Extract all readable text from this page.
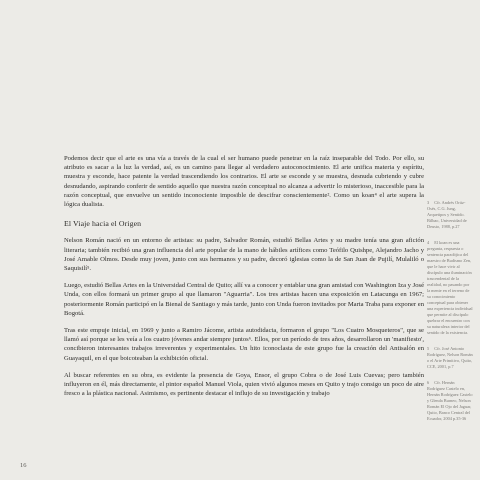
Podemos decir que el arte es una vía a través de la cual el ser humano puede penetrar en la raíz inseparable del Todo. Por ello, su atributo es sacar a la luz la verdad, así, es un camino para llegar al verdadero autoconocimiento. El arte unifica materia y espíritu, muestra y esconde, hace patente la verdad trascendiendo los contrarios. El arte se esconde y se muestra, desnuda cubriendo y cubre desnudando, aspirando conferir de sentido aquello que nuestra razón conceptual no alcanza a advertir lo misterioso, inaccesible para la razón conceptual, que envuelve un sentido inconociente imposible de descifrar conscientemente². Como un koan⁴ el arte supera la lógica dualista.

El Viaje hacia el Origen

Nelson Román nació en un entorno de artistas: su padre, Salvador Román, estudió Bellas Artes y su madre tenía una gran afición literaria; también recibió una gran influencia del arte popular de la mano de hábiles artífices como Teófilo Quishpe, Alejandro Jacho y José Amable Olmos. Desde muy joven, junto con sus hermanos y su padre, decoró iglesias como la de San Juan de Pujilí, Mulaliló o Saquisilí⁵.

Luego, estudió Bellas Artes en la Universidad Central de Quito; allí va a conocer y entablar una gran amistad con Washington Iza y José Unda, con ellos formará un primer grupo al que llamaron "Aguarria". Los tres artistas hacen una exposición en Latacunga en 1967; posteriormente Román participó en la Bienal de Santiago y más tarde, junto con Unda fueron invitados por Marta Traba para exponer en Bogotá.

Tras este empuje inicial, en 1969 y junto a Ramiro Jácome, artista autodidacta, formaron el grupo "Los Cuatro Mosqueteros", que se llamó así porque se les veía a los cuatro jóvenes andar siempre juntos⁶. Ellos, por un período de tres años, desarrollaron un 'manifiesto', concibieron interesantes trabajos irreverentes y experimentales. Un hito iconoclasta de este grupo fue la creación del Antisalón en Guayaquil, en el que boicoteaban la exhibición oficial.

Al buscar referentes en su obra, es evidente la presencia de Goya, Ensor, el grupo Cobra o de José Luis Cuevas; pero también influyeron en él, más directamente, el pintor español Manuel Viola, quien vivió algunos meses en Quito y trajo consigo un poco de aire fresco a la plástica nacional. Asimismo, es pertinente destacar el influjo de su investigación y trabajo

3 Cfr. Andrés Ortiz-Osés, C.G. Jung, Arquetipos y Sentido. Bilbao, Universidad de Deusto, 1988, p.27
4 El koan es una pregunta, respuesta o sentencia paradójica del maestro de Budismo Zen, que le hace vivir al discípulo una iluminación trascendental de la realidad, no pasando por la mente en el terreno de su conocimiento conceptual para obtener una experiencia individual que permite al discípulo quebrar el encuentro con su naturaleza interior del sentido de la existencia.
5 Cfr. José Antonio Rodríguez, Nelson Román o el Arte Primitivo, Quito, CCE, 2001, p.7
6 Cfr. Hernán Rodríguez Castelo en, Hernán Rodríguez Castelo y Glenda Burneo, Nelson Román El Ojo del Jaguar, Quito, Banco Central del Ecuador, 2004 p.35-36
16
